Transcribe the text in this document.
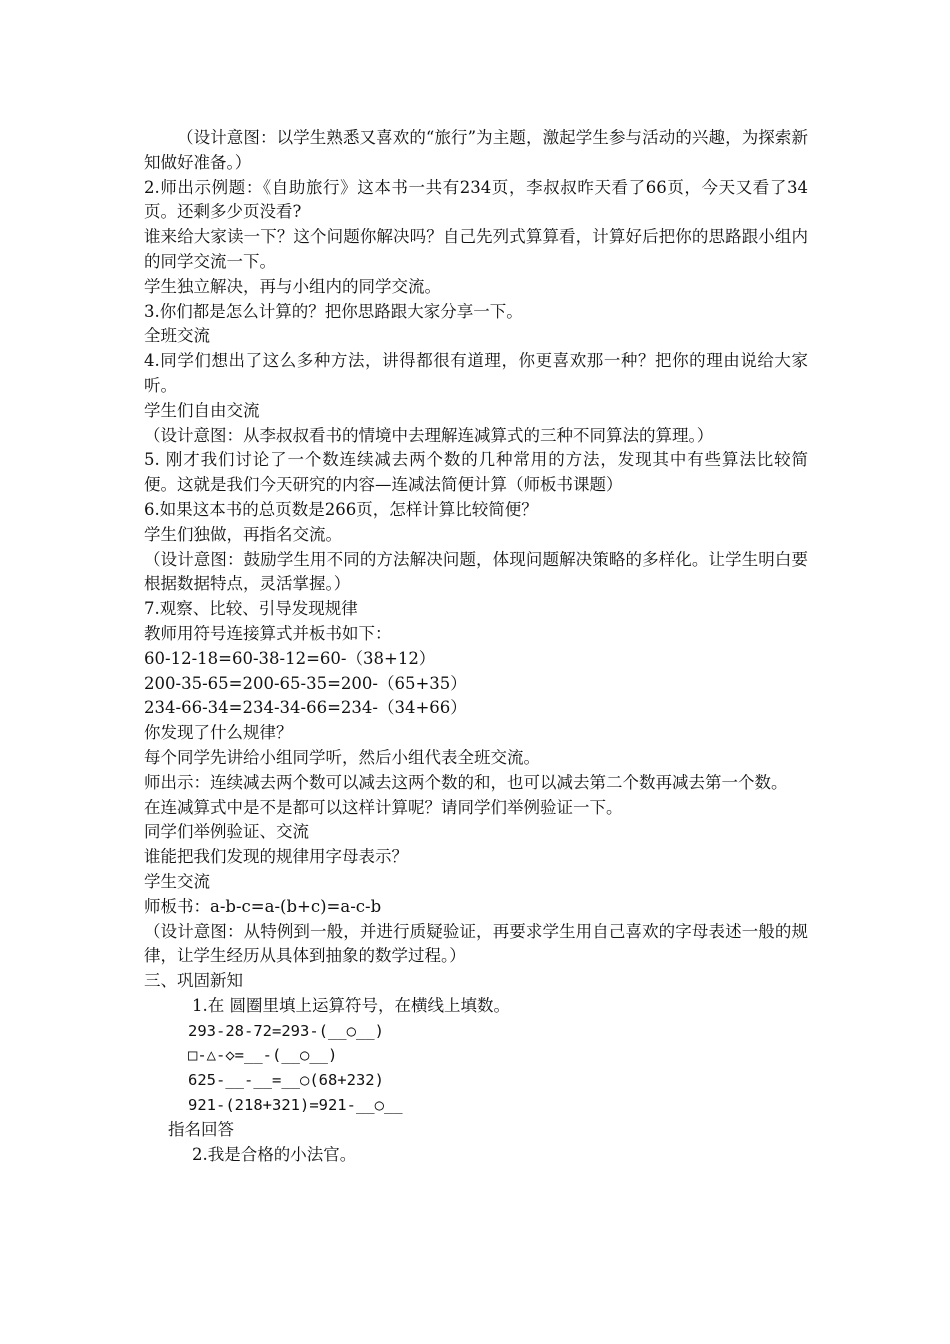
（设计意图：以学生熟悉又喜欢的“旅行”为主题，激起学生参与活动的兴趣，为探索新知做好准备。）

2.师出示例题：《自助旅行》这本书一共有234页，李叔叔昨天看了66页，今天又看了34页。还剩多少页没看?

谁来给大家读一下？这个问题你解决吗？自己先列式算算看，计算好后把你的思路跟小组内的同学交流一下。

学生独立解决，再与小组内的同学交流。

3.你们都是怎么计算的？把你思路跟大家分享一下。

全班交流

4.同学们想出了这么多种方法，讲得都很有道理，你更喜欢那一种？把你的理由说给大家听。

学生们自由交流

（设计意图：从李叔叔看书的情境中去理解连减算式的三种不同算法的算理。）

5. 刚才我们讨论了一个数连续减去两个数的几种常用的方法，发现其中有些算法比较简便。这就是我们今天研究的内容—连减法简便计算（师板书课题）

6.如果这本书的总页数是266页，怎样计算比较简便？

学生们独做，再指名交流。

（设计意图：鼓励学生用不同的方法解决问题，体现问题解决策略的多样化。让学生明白要根据数据特点，灵活掌握。）

7.观察、比较、引导发现规律

教师用符号连接算式并板书如下：

60-12-18=60-38-12=60-（38+12）

200-35-65=200-65-35=200-（65+35）

234-66-34=234-34-66=234-（34+66）

你发现了什么规律？

每个同学先讲给小组同学听，然后小组代表全班交流。

师出示：连续减去两个数可以减去这两个数的和，也可以减去第二个数再减去第一个数。

在连减算式中是不是都可以这样计算呢？请同学们举例验证一下。

同学们举例验证、交流

谁能把我们发现的规律用字母表示？

学生交流

师板书：a-b-c=a-(b+c)=a-c-b

（设计意图：从特例到一般，并进行质疑验证，再要求学生用自己喜欢的字母表述一般的规律，让学生经历从具体到抽象的数学过程。）

三、巩固新知

1.在 圆圈里填上运算符号，在横线上填数。

293-28-72=293-(__○__)

□-△-◇=__-(__○__)

625-__-__=__○(68+232)

921-(218+321)=921-__○__

指名回答

2.我是合格的小法官。
